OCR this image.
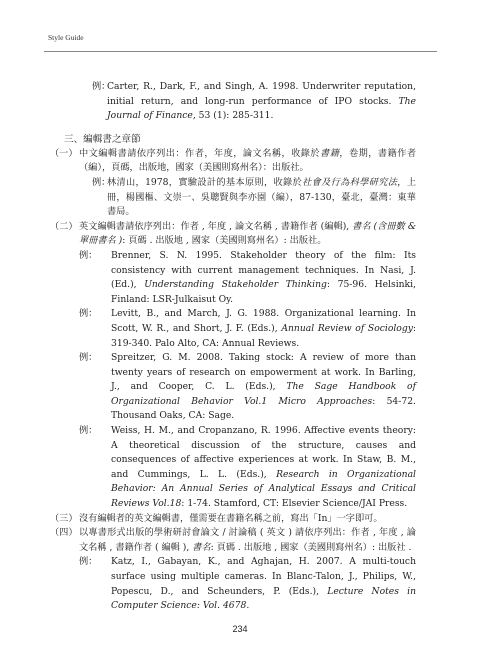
Style Guide
例：
Carter, R., Dark, F., and Singh, A. 1998. Underwriter reputation, initial return, and long-run performance of IPO stocks. The Journal of Finance, 53 (1): 285-311.
三、編輯書之章節
（一） 中文編輯書請依序列出：作者，年度，論文名稱，收錄於書籍，卷期，書籍作者（編），頁碼，出版地，國家（美國則寫州名）：出版社。
例：
林清山，1978，實驗設計的基本原則，收錄於社會及行為科學研究法，上冊，楊國樞、文崇一、吳聰賢與李亦園（編），87-130，臺北，臺灣：東華書局。
（二） 英文編輯書請依序列出：作者 , 年度 , 論文名稱 , 書籍作者 (編輯), 書名 (含冊數 & 單冊書名 ): 頁碼 . 出版地 , 國家（美國則寫州名）: 出版社。
例： Brenner, S. N. 1995. Stakeholder theory of the film: Its consistency with current management techniques. In Nasi, J. (Ed.), Understanding Stakeholder Thinking: 75-96. Helsinki, Finland: LSR-Julkaisut Oy.
例： Levitt, B., and March, J. G. 1988. Organizational learning. In Scott, W. R., and Short, J. F. (Eds.), Annual Review of Sociology: 319-340. Palo Alto, CA: Annual Reviews.
例： Spreitzer, G. M. 2008. Taking stock: A review of more than twenty years of research on empowerment at work. In Barling, J., and Cooper, C. L. (Eds.), The Sage Handbook of Organizational Behavior Vol.1 Micro Approaches: 54-72. Thousand Oaks, CA: Sage.
例： Weiss, H. M., and Cropanzano, R. 1996. Affective events theory: A theoretical discussion of the structure, causes and consequences of affective experiences at work. In Staw, B. M., and Cummings, L. L. (Eds.), Research in Organizational Behavior: An Annual Series of Analytical Essays and Critical Reviews Vol.18: 1-74. Stamford, CT: Elsevier Science/JAI Press.
（三） 沒有編輯者的英文編輯書，僅需要在書籍名稱之前，寫出「In」一字即可。
（四） 以專書形式出版的學術研討會論文 / 討論稿 ( 英文 ) 請依序列出：作者 , 年度 , 論文名稱 , 書籍作者 ( 編輯 ), 書名: 頁碼 . 出版地 , 國家（美國則寫州名）: 出版社 .
例： Katz, I., Gabayan, K., and Aghajan, H. 2007. A multi-touch surface using multiple cameras. In Blanc-Talon, J., Philips, W., Popescu, D., and Scheunders, P. (Eds.), Lecture Notes in Computer Science: Vol. 4678.
234
